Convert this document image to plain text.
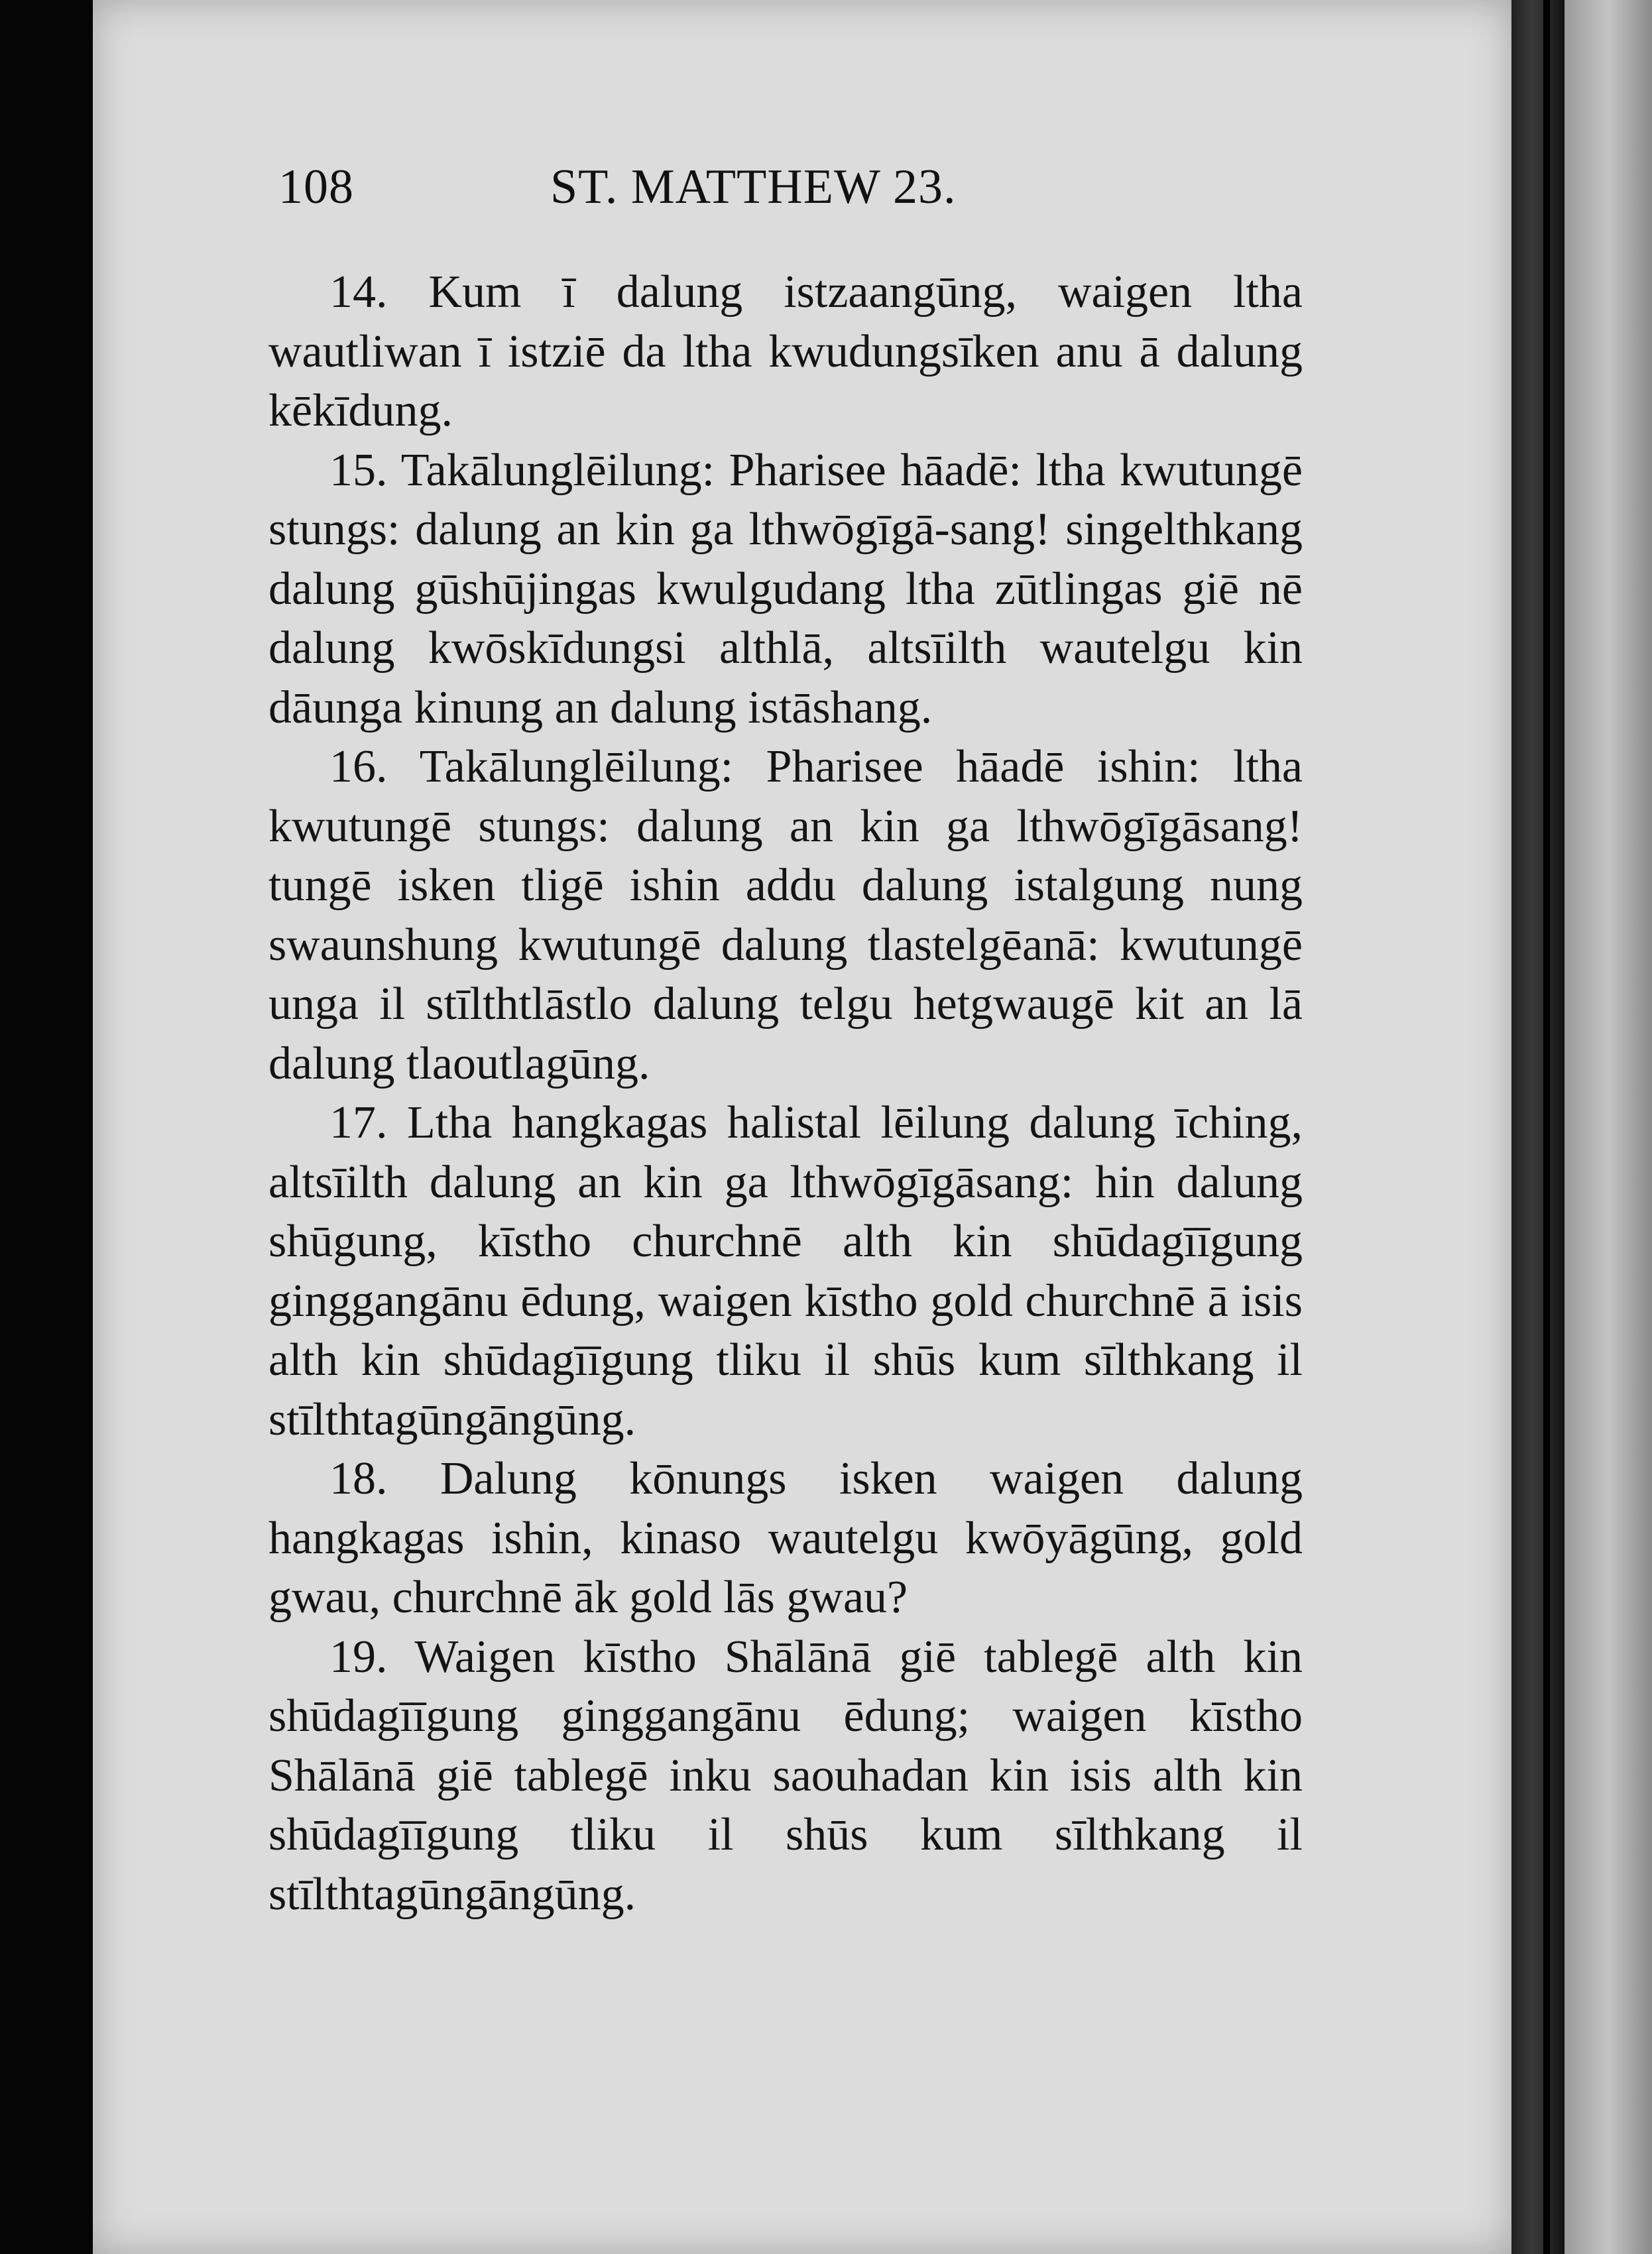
108	ST. MATTHEW 23.

14. Kum ī dalung istzaangūng, waigen ltha wautliwan ī istziē da ltha kwudungsīken anu ā dalung kēkīdung.

15. Takālunglēilung: Pharisee hāadē: ltha kwutungē stungs: dalung an kin ga lthwōgīgā-sang! singelthkang dalung gūshūjingas kwulgudang ltha zūtlingas giē nē dalung kwōskīdungsi althlā, altsīilth wautelgu kin dāunga kinung an dalung istāshang.

16. Takālunglēilung: Pharisee hāadē ishin: ltha kwutungē stungs: dalung an kin ga lthwōgīgāsang! tungē isken tligē ishin addu dalung istalgung nung swaunshung kwutungē dalung tlastelgēanā: kwutungē unga il stīlthtlāstlo dalung telgu hetgwaugē kit an lā dalung tlaoutlagūng.

17. Ltha hangkagas halistal lēilung dalung īching, altsīilth dalung an kin ga lthwōgīgāsang: hin dalung shūgung, kīstho churchnē alth kin shūdagīīgung ginggangānu ēdung, waigen kīstho gold churchnē ā isis alth kin shūdagīīgung tliku il shūs kum sīlthkang il stīlthtagūngāngūng.

18. Dalung kōnungs isken waigen dalung hangkagas ishin, kinaso wautelgu kwōyāgūng, gold gwau, churchnē āk gold lās gwau?

19. Waigen kīstho Shālānā giē tablegē alth kin shūdagīīgung ginggangānu ēdung; waigen kīstho Shālānā giē tablegē inku saouhadan kin isis alth kin shūdagīīgung tliku il shūs kum sīlthkang il stīlthtagūngāngūng.
